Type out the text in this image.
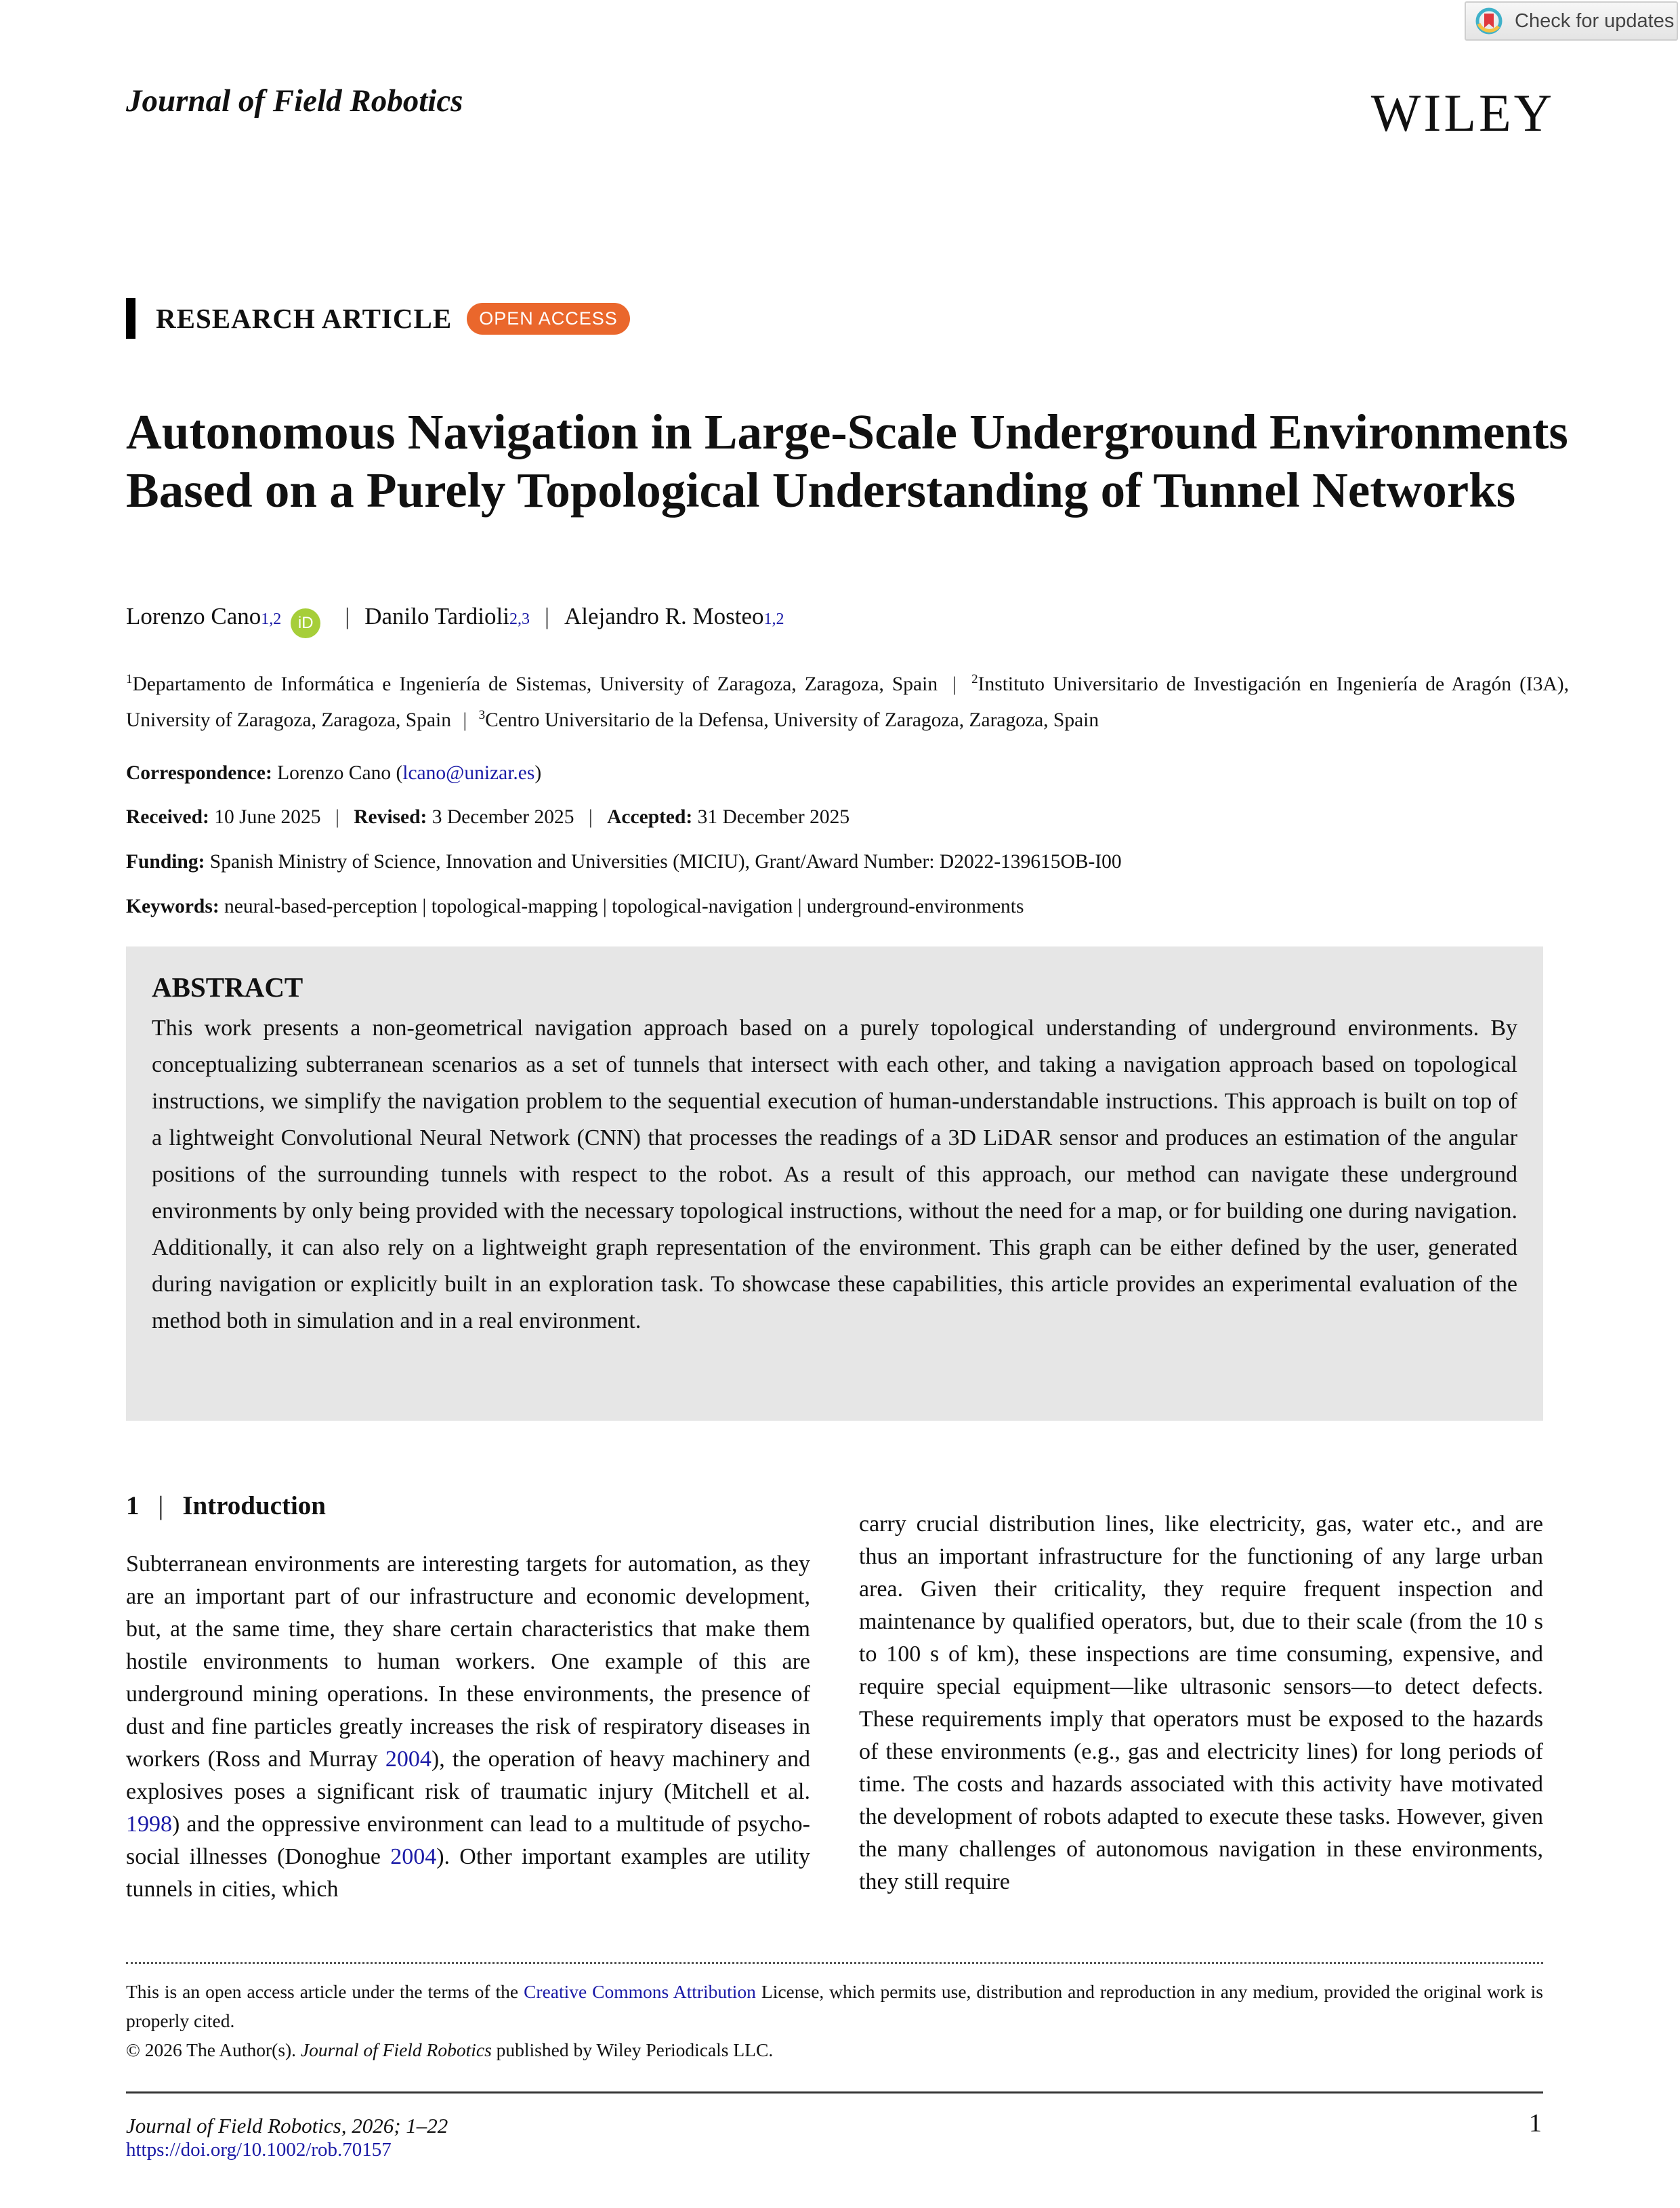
Check for updates
Journal of Field Robotics	WILEY
RESEARCH ARTICLE	OPEN ACCESS
Autonomous Navigation in Large-Scale Underground Environments Based on a Purely Topological Understanding of Tunnel Networks
Lorenzo Cano 1,2	iD	| Danilo Tardioli 2,3 | Alejandro R. Mosteo 1,2
$^1$Departamento de Informática e Ingeniería de Sistemas, University of Zaragoza, Zaragoza, Spain | $^2$Instituto Universitario de Investigación en Ingeniería de Aragón (I3A), University of Zaragoza, Zaragoza, Spain | $^3$Centro Universitario de la Defensa, University of Zaragoza, Zaragoza, Spain
Correspondence: Lorenzo Cano (lcano@unizar.es)
Received: 10 June 2025 | Revised: 3 December 2025 | Accepted: 31 December 2025
Funding: Spanish Ministry of Science, Innovation and Universities (MICIU), Grant/Award Number: D2022-139615OB-I00
Keywords: neural-based-perception | topological-mapping | topological-navigation | underground-environments
ABSTRACT

This work presents a non-geometrical navigation approach based on a purely topological understanding of underground environments. By conceptualizing subterranean scenarios as a set of tunnels that intersect with each other, and taking a navigation approach based on topological instructions, we simplify the navigation problem to the sequential execution of human-understandable instructions. This approach is built on top of a lightweight Convolutional Neural Network (CNN) that processes the readings of a 3D LiDAR sensor and produces an estimation of the angular positions of the surrounding tunnels with respect to the robot. As a result of this approach, our method can navigate these underground environments by only being provided with the necessary topological instructions, without the need for a map, or for building one during navigation. Additionally, it can also rely on a lightweight graph representation of the environment. This graph can be either defined by the user, generated during navigation or explicitly built in an exploration task. To showcase these capabilities, this article provides an experimental evaluation of the method both in simulation and in a real environment.

1 | Introduction
Subterranean environments are interesting targets for automation, as they are an important part of our infrastructure and economic development, but, at the same time, they share certain characteristics that make them hostile environments to human workers. One example of this are underground mining operations. In these environments, the presence of dust and fine particles greatly increases the risk of respiratory diseases in workers (Ross and Murray 2004), the operation of heavy machinery and explosives poses a significant risk of traumatic injury (Mitchell et al. 1998) and the oppressive environment can lead to a multitude of psycho-social illnesses (Donoghue 2004). Other important examples are utility tunnels in cities, which
carry crucial distribution lines, like electricity, gas, water etc., and are thus an important infrastructure for the functioning of any large urban area. Given their criticality, they require frequent inspection and maintenance by qualified operators, but, due to their scale (from the 10 s to 100 s of km), these inspections are time consuming, expensive, and require special equipment—like ultrasonic sensors—to detect defects. These requirements imply that operators must be exposed to the hazards of these environments (e.g., gas and electricity lines) for long periods of time. The costs and hazards associated with this activity have motivated the development of robots adapted to execute these tasks. However, given the many challenges of autonomous navigation in these environments, they still require
This is an open access article under the terms of the Creative Commons Attribution License, which permits use, distribution and reproduction in any medium, provided the original work is properly cited.
© 2026 The Author(s). Journal of Field Robotics published by Wiley Periodicals LLC.
Journal of Field Robotics, 2026; 1–22
https://doi.org/10.1002/rob.70157
1
